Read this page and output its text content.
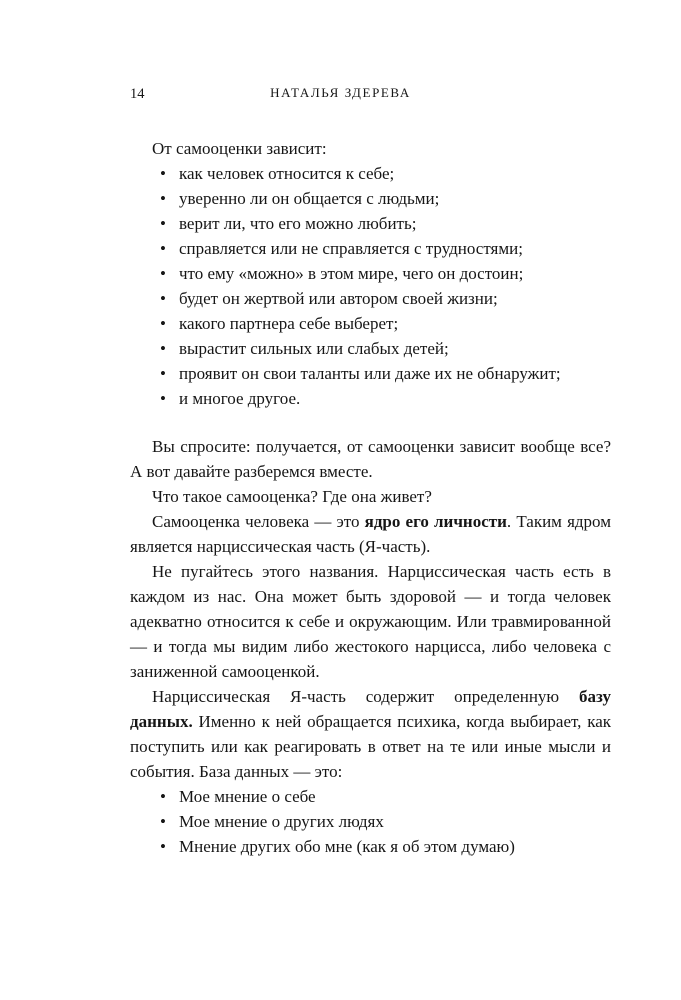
14	НАТАЛЬЯ ЗДЕРЕВА

От самооценки зависит:

• как человек относится к себе;
• уверенно ли он общается с людьми;
• верит ли, что его можно любить;
• справляется или не справляется с трудностями;
• что ему «можно» в этом мире, чего он достоин;
• будет он жертвой или автором своей жизни;
• какого партнера себе выберет;
• вырастит сильных или слабых детей;
• проявит он свои таланты или даже их не обнаружит;
• и многое другое.

Вы спросите: получается, от самооценки зависит вообще все? А вот давайте разберемся вместе.

Что такое самооценка? Где она живет?

Самооценка человека — это ядро его личности. Таким ядром является нарциссическая часть (Я-часть).

Не пугайтесь этого названия. Нарциссическая часть есть в каждом из нас. Она может быть здоровой — и тогда человек адекватно относится к себе и окружающим. Или травмированной — и тогда мы видим либо жестокого нарцисса, либо человека с заниженной самооценкой.

Нарциссическая Я-часть содержит определенную базу данных. Именно к ней обращается психика, когда выбирает, как поступить или как реагировать в ответ на те или иные мысли и события. База данных — это:

• Мое мнение о себе
• Мое мнение о других людях
• Мнение других обо мне (как я об этом думаю)
